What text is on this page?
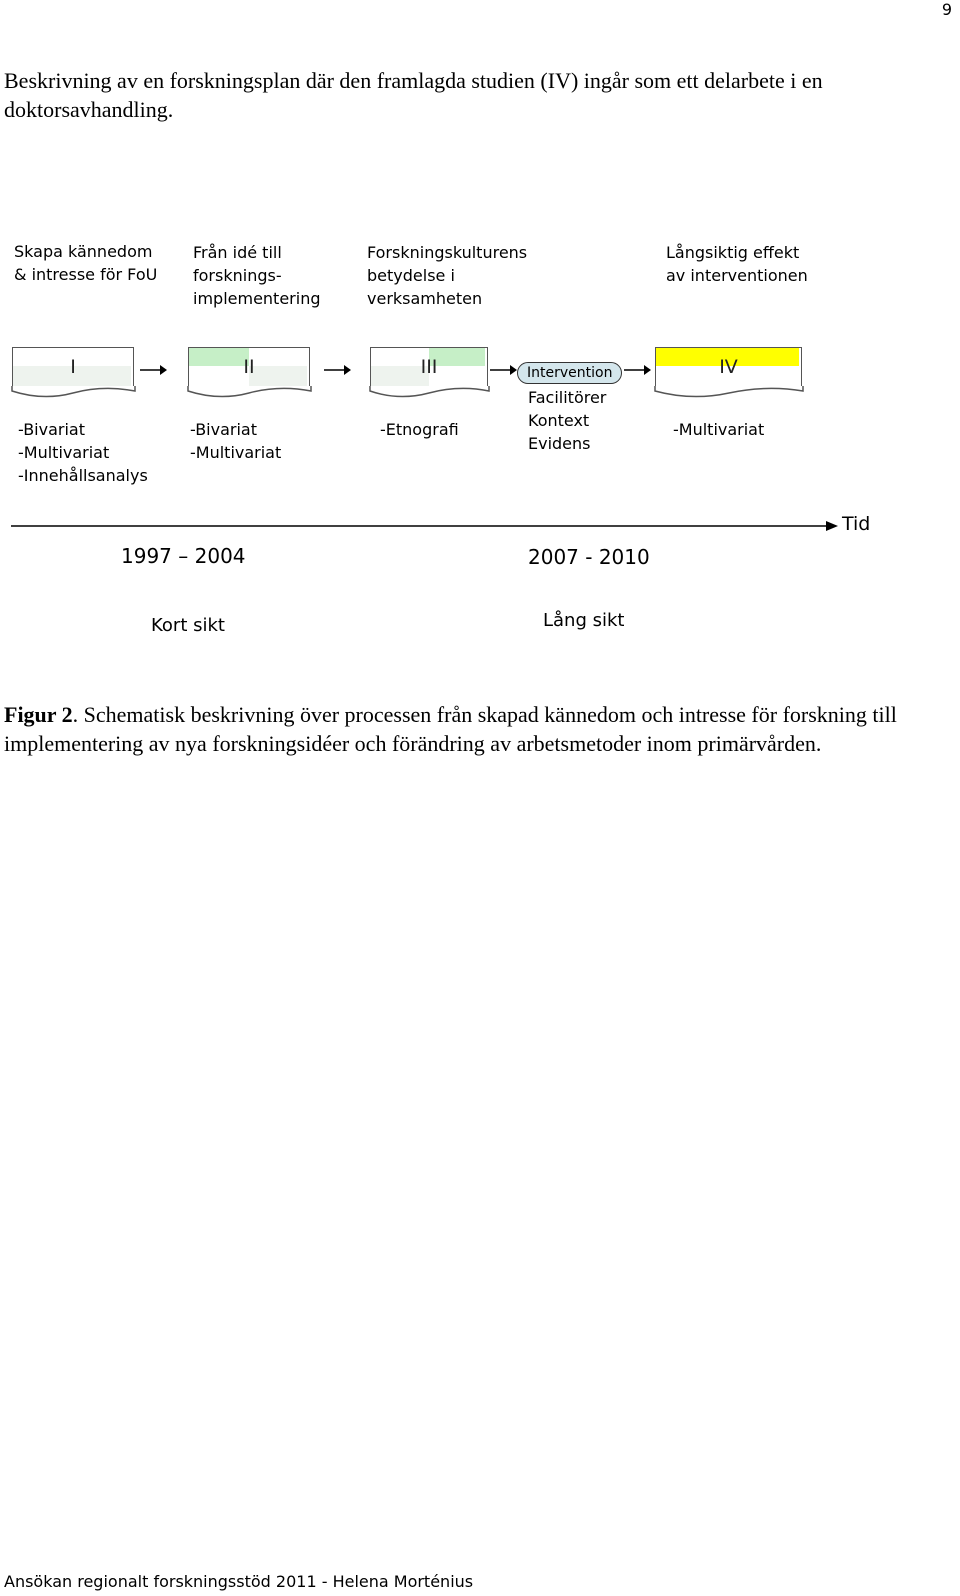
9
Beskrivning av en forskningsplan där den framlagda studien (IV) ingår som ett delarbete i en doktorsavhandling.
Skapa kännedom
& intresse för FoU
Från idé till
forsknings-
implementering
Forskningskulturens
betydelse i
verksamheten
Långsiktig effekt
av interventionen
I	II	III	IV
Intervention
Facilitörer
Kontext
Evidens
-Bivariat
-Multivariat
-Innehållsanalys
-Bivariat
-Multivariat
-Etnografi	-Multivariat
Tid
1997 – 2004	2007 - 2010
Kort sikt	Lång sikt
Figur 2. Schematisk beskrivning över processen från skapad kännedom och intresse för forskning till implementering av nya forskningsidéer och förändring av arbetsmetoder inom primärvården.
Ansökan regionalt forskningsstöd 2011 - Helena Morténius
